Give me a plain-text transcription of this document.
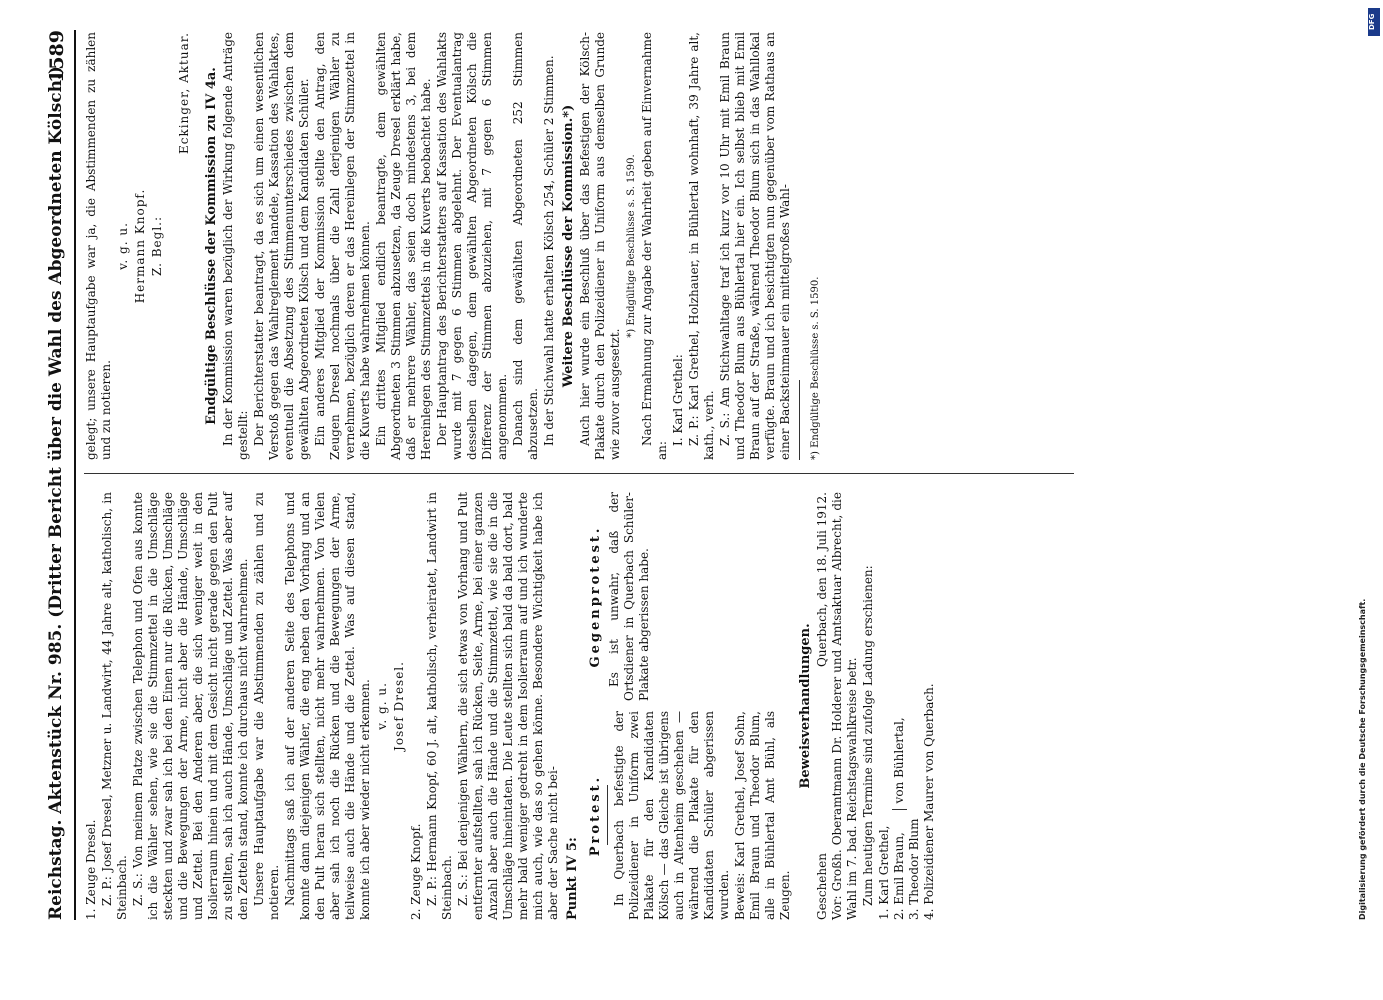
Reichstag. Aktenstück Nr. 985. (Dritter Bericht über die Wahl des Abgeordneten Kölsch.)
1589

1. Zeuge Dresel. Z. P.: Josef Dresel, Metzner u. Landwirt, 44 Jahre alt, katholisch, in Steinbach. Z. S.: Von meinem Platze zwischen Telephon und Ofen aus konnte ich die Wähler sehen, wie sie die Stimmzettel in die Umschläge steckten und zwar sah ich bei den Einen nur die Rücken, Umschläge und die Bewegungen der Arme, nicht aber die Hände, Umschläge und Zettel. Bei den Anderen aber, die sich weniger weit in den Isolierraum hinein und mit dem Gesicht nicht gerade gegen den Pult zu stellten, sah ich auch Hände, Umschläge und Zettel. Was aber auf den Zetteln stand, konnte ich durchaus nicht wahrnehmen. Unsere Hauptaufgabe war die Abstimmenden zu zählen und zu notieren. Nachmittags saß ich auf der anderen Seite des Telephons und konnte dann diejenigen Wähler, die eng neben den Vorhang und an den Pult heran sich stellten, nicht mehr wahrnehmen. Von Vielen aber sah ich noch die Rücken und die Bewegungen der Arme, teilweise auch die Hände und die Zettel. Was auf diesen stand, konnte ich aber wieder nicht erkennen. v. g. u. Josef Dresel.

2. Zeuge Knopf. Z. P.: Hermann Knopf, 60 J. alt, katholisch, verheiratet, Landwirt in Steinbach. Z. S.: Bei denjenigen Wählern, die sich etwas von Vorhang und Pult entfernter aufstellten, sah ich Rücken, Seite, Arme, bei einer ganzen Anzahl aber auch die Hände und die Stimmzettel, wie sie die in die Umschläge hineintaten. Die Leute stellten sich bald da bald dort, bald mehr bald weniger gedreht in dem Isolierraum auf und ich wunderte mich auch, wie das so gehen könne. Besondere Wichtigkeit habe ich aber der Sache nicht bei- Punkt IV 5:

Protest. In Querbach befestigte der Polizeidiener in Uniform zwei Plakate für den Kandidaten Kölsch — das Gleiche ist übrigens auch in Altenheim geschehen — während die Plakate für den Kandidaten Schüler abgerissen wurden. Beweis: Karl Grethel, Josef Sohn, Emil Braun und Theodor Blum, alle in Bühlertal Amt Bühl, als Zeugen.

Gegenprotest. Es ist unwahr, daß der Ortsdiener in Querbach Schüler-Plakate abgerissen habe.	Beweisverhandlungen.

Geschehen
Querbach, den 18. Juli 1912. Vor: Großh. Oberamtmann Dr. Holderer und Amtsaktuar Albrecht, die Wahl im 7. bad. Reichstagswahlkreise betr. Zum heutigen Termine sind zufolge Ladung erschienen: 1. Karl Grethel, 2. Emil Braun, 3. Theodor Blum
von Bühlertal, 4. Polizeidiener Maurer von Querbach.

gelegt; unsere Hauptaufgabe war ja, die Abstimmenden zu zählen und zu notieren.

v. g. u. Hermann Knopf. Z. Begl.:

Eckinger, Aktuar. Endgültige Beschlüsse der Kommission zu IV 4a. In der Kommission waren bezüglich der Wirkung folgende Anträge gestellt: Der Berichterstatter beantragt, da es sich um einen wesentlichen Verstoß gegen das Wahlreglement handele, Kassation des Wahlaktes, eventuell die Absetzung des Stimmenunterschiedes zwischen dem gewählten Abgeordneten Kölsch und dem Kandidaten Schüler. Ein anderes Mitglied der Kommission stellte den Antrag, den Zeugen Dresel nochmals über die Zahl derjenigen Wähler zu vernehmen, bezüglich deren er das Hereinlegen der Stimmzettel in die Kuverts habe wahrnehmen können. Ein drittes Mitglied endlich beantragte, dem gewählten Abgeordneten 3 Stimmen abzusetzen, da Zeuge Dresel erklärt habe, daß er mehrere Wähler, das seien doch mindestens 3, bei dem Hereinlegen des Stimmzettels in die Kuverts beobachtet habe. Der Hauptantrag des Berichterstatters auf Kassation des Wahlakts wurde mit 7 gegen 6 Stimmen abgelehnt. Der Eventualantrag desselben dagegen, dem gewählten Abgeordneten Kölsch die Differenz der Stimmen abzuziehen, mit 7 gegen 6 Stimmen angenommen. Danach sind dem gewählten Abgeordneten 252 Stimmen abzusetzen. In der Stichwahl hatte erhalten Kölsch 254, Schüler 2 Stimmen. Weitere Beschlüsse der Kommission.*) Auch hier wurde ein Beschluß über das Befestigen der Kölsch-Plakate durch den Polizeidiener in Uniform aus demselben Grunde wie zuvor ausgesetzt.

*) Endgültige Beschlüsse s. S. 1590. Nach Ermahnung zur Angabe der Wahrheit geben auf Einvernahme an:

I. Karl Grethel: Z. P.: Karl Grethel, Holzhauer, in Bühlertal wohnhaft, 39 Jahre alt, kath., verh. Z. S.: Am Stichwahltage traf ich kurz vor 10 Uhr mit Emil Braun und Theodor Blum aus Bühlertal hier ein. Ich selbst blieb mit Emil Braun auf der Straße, während Theodor Blum sich in das Wahllokal verfügte. Braun und ich besichtigten nun gegenüber vom Rathaus an einer Backsteinmauer ein mittelgroßes Wahl- *) Endgültige Beschlüsse s. S. 1590.

DFG
Digitalisierung gefördert durch die Deutsche Forschungsgemeinschaft.
